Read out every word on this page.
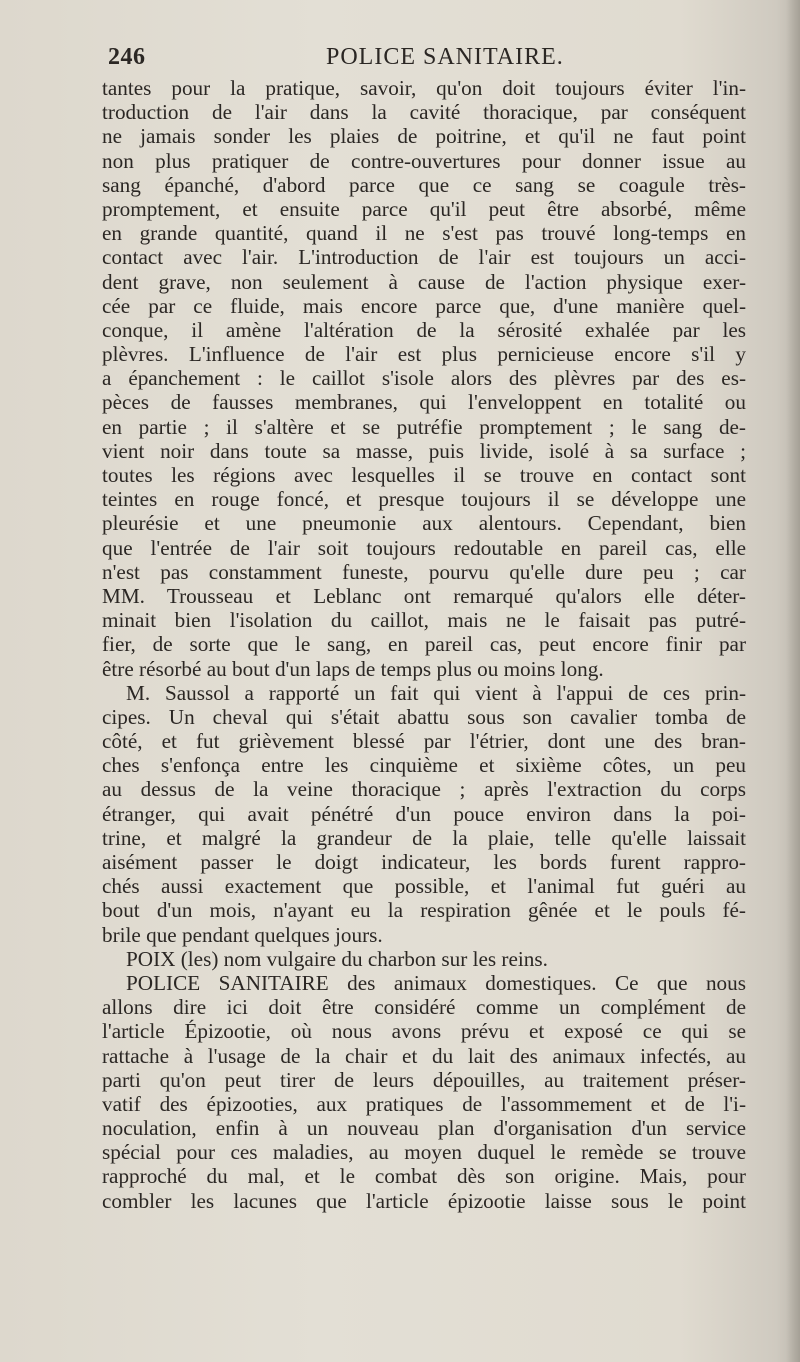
246	POLICE SANITAIRE.
tantes pour la pratique, savoir, qu'on doit toujours éviter l'in-
troduction de l'air dans la cavité thoracique, par conséquent
ne jamais sonder les plaies de poitrine, et qu'il ne faut point
non plus pratiquer de contre-ouvertures pour donner issue au
sang épanché, d'abord parce que ce sang se coagule très-
promptement, et ensuite parce qu'il peut être absorbé, même
en grande quantité, quand il ne s'est pas trouvé long-temps en
contact avec l'air. L'introduction de l'air est toujours un acci-
dent grave, non seulement à cause de l'action physique exer-
cée par ce fluide, mais encore parce que, d'une manière quel-
conque, il amène l'altération de la sérosité exhalée par les
plèvres. L'influence de l'air est plus pernicieuse encore s'il y
a épanchement : le caillot s'isole alors des plèvres par des es-
pèces de fausses membranes, qui l'enveloppent en totalité ou
en partie ; il s'altère et se putréfie promptement ; le sang de-
vient noir dans toute sa masse, puis livide, isolé à sa surface ;
toutes les régions avec lesquelles il se trouve en contact sont
teintes en rouge foncé, et presque toujours il se développe une
pleurésie et une pneumonie aux alentours. Cependant, bien
que l'entrée de l'air soit toujours redoutable en pareil cas, elle
n'est pas constamment funeste, pourvu qu'elle dure peu ; car
MM. Trousseau et Leblanc ont remarqué qu'alors elle déter-
minait bien l'isolation du caillot, mais ne le faisait pas putré-
fier, de sorte que le sang, en pareil cas, peut encore finir par
être résorbé au bout d'un laps de temps plus ou moins long.
M. Saussol a rapporté un fait qui vient à l'appui de ces prin-
cipes. Un cheval qui s'était abattu sous son cavalier tomba de
côté, et fut grièvement blessé par l'étrier, dont une des bran-
ches s'enfonça entre les cinquième et sixième côtes, un peu
au dessus de la veine thoracique ; après l'extraction du corps
étranger, qui avait pénétré d'un pouce environ dans la poi-
trine, et malgré la grandeur de la plaie, telle qu'elle laissait
aisément passer le doigt indicateur, les bords furent rappro-
chés aussi exactement que possible, et l'animal fut guéri au
bout d'un mois, n'ayant eu la respiration gênée et le pouls fé-
brile que pendant quelques jours.
POIX (les) nom vulgaire du charbon sur les reins.
POLICE SANITAIRE des animaux domestiques. Ce que nous
allons dire ici doit être considéré comme un complément de
l'article Épizootie, où nous avons prévu et exposé ce qui se
rattache à l'usage de la chair et du lait des animaux infectés, au
parti qu'on peut tirer de leurs dépouilles, au traitement préser-
vatif des épizooties, aux pratiques de l'assommement et de l'i-
noculation, enfin à un nouveau plan d'organisation d'un service
spécial pour ces maladies, au moyen duquel le remède se trouve
rapproché du mal, et le combat dès son origine. Mais, pour
combler les lacunes que l'article épizootie laisse sous le point
